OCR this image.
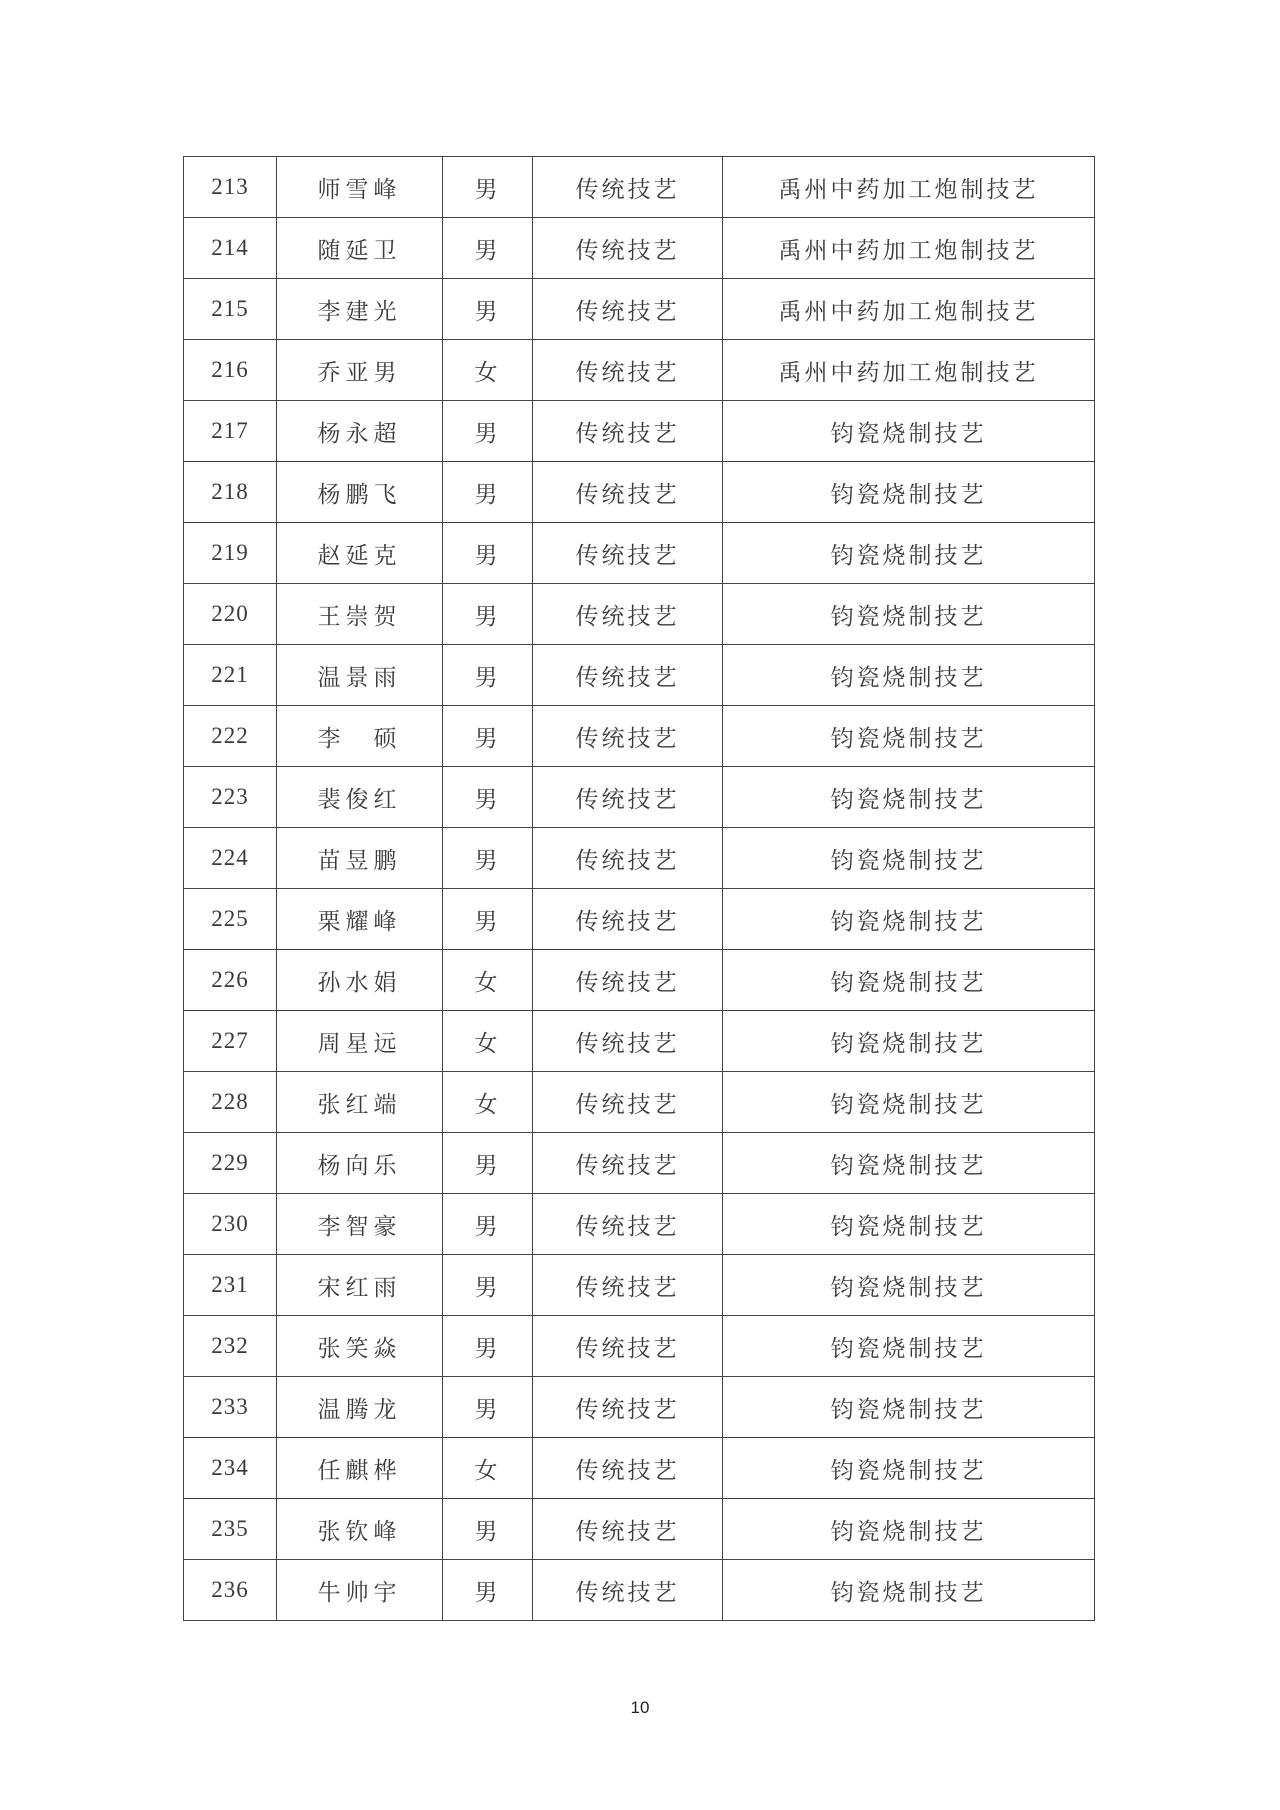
213	师雪峰	男	传统技艺	禹州中药加工炮制技艺
214	随延卫	男	传统技艺	禹州中药加工炮制技艺
215	李建光	男	传统技艺	禹州中药加工炮制技艺
216	乔亚男	女	传统技艺	禹州中药加工炮制技艺
217	杨永超	男	传统技艺	钧瓷烧制技艺
218	杨鹏飞	男	传统技艺	钧瓷烧制技艺
219	赵延克	男	传统技艺	钧瓷烧制技艺
220	王崇贺	男	传统技艺	钧瓷烧制技艺
221	温景雨	男	传统技艺	钧瓷烧制技艺
222	李　硕	男	传统技艺	钧瓷烧制技艺
223	裴俊红	男	传统技艺	钧瓷烧制技艺
224	苗昱鹏	男	传统技艺	钧瓷烧制技艺
225	栗耀峰	男	传统技艺	钧瓷烧制技艺
226	孙水娟	女	传统技艺	钧瓷烧制技艺
227	周星远	女	传统技艺	钧瓷烧制技艺
228	张红端	女	传统技艺	钧瓷烧制技艺
229	杨向乐	男	传统技艺	钧瓷烧制技艺
230	李智豪	男	传统技艺	钧瓷烧制技艺
231	宋红雨	男	传统技艺	钧瓷烧制技艺
232	张笑焱	男	传统技艺	钧瓷烧制技艺
233	温腾龙	男	传统技艺	钧瓷烧制技艺
234	任麒桦	女	传统技艺	钧瓷烧制技艺
235	张钦峰	男	传统技艺	钧瓷烧制技艺
236	牛帅宇	男	传统技艺	钧瓷烧制技艺
10
